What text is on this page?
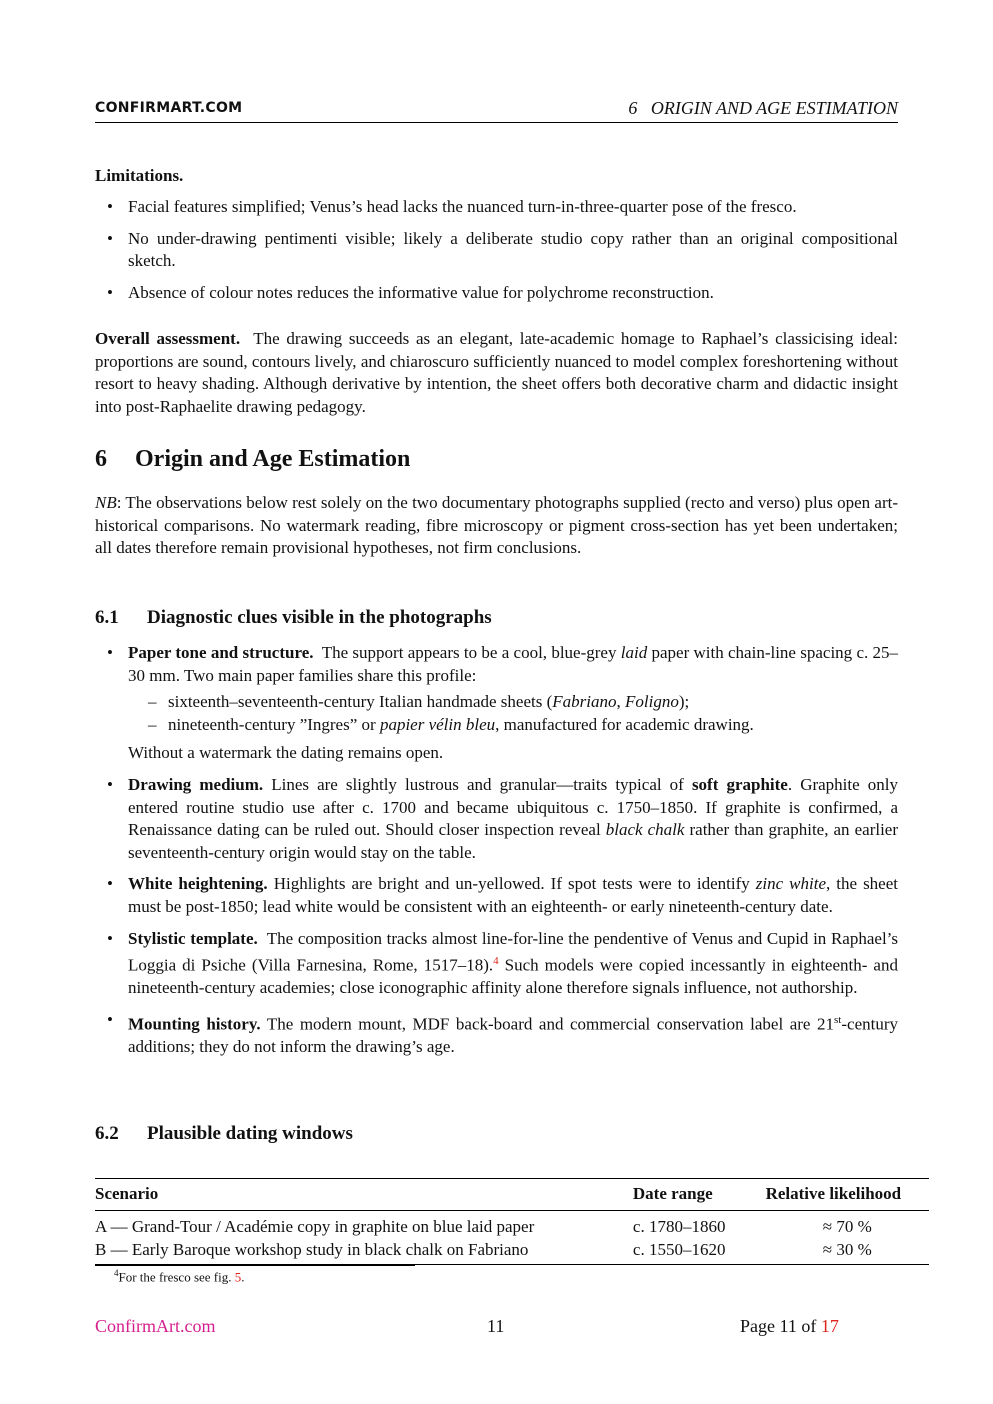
CONFIRMART.COM	6 ORIGIN AND AGE ESTIMATION
Limitations.
• Facial features simplified; Venus’s head lacks the nuanced turn-in-three-quarter pose of the fresco.
• No under-drawing pentimenti visible; likely a deliberate studio copy rather than an original compositional sketch.
• Absence of colour notes reduces the informative value for polychrome reconstruction.

Overall assessment. The drawing succeeds as an elegant, late-academic homage to Raphael’s classicising ideal: proportions are sound, contours lively, and chiaroscuro sufficiently nuanced to model complex foreshortening without resort to heavy shading. Although derivative by intention, the sheet offers both decorative charm and didactic insight into post-Raphaelite drawing pedagogy.

6 Origin and Age Estimation

NB: The observations below rest solely on the two documentary photographs supplied (recto and verso) plus open art-historical comparisons. No watermark reading, fibre microscopy or pigment cross-section has yet been undertaken; all dates therefore remain provisional hypotheses, not firm conclusions.

6.1 Diagnostic clues visible in the photographs
• Paper tone and structure. The support appears to be a cool, blue-grey laid paper with chain-line spacing c. 25–30 mm. Two main paper families share this profile:
– sixteenth–seventeenth-century Italian handmade sheets (Fabriano, Foligno);
– nineteenth-century ”Ingres” or papier vélin bleu, manufactured for academic drawing.
Without a watermark the dating remains open.
• Drawing medium. Lines are slightly lustrous and granular—traits typical of soft graphite. Graphite only entered routine studio use after c. 1700 and became ubiquitous c. 1750–1850. If graphite is confirmed, a Renaissance dating can be ruled out. Should closer inspection reveal black chalk rather than graphite, an earlier seventeenth-century origin would stay on the table.
• White heightening. Highlights are bright and un-yellowed. If spot tests were to identify zinc white, the sheet must be post-1850; lead white would be consistent with an eighteenth- or early nineteenth-century date.
• Stylistic template. The composition tracks almost line-for-line the pendentive of Venus and Cupid in Raphael’s Loggia di Psiche (Villa Farnesina, Rome, 1517–18).$^4$ Such models were copied incessantly in eighteenth- and nineteenth-century academies; close iconographic affinity alone therefore signals influence, not authorship.
• Mounting history. The modern mount, MDF back-board and commercial conservation label are 21st-century additions; they do not inform the drawing’s age.
6.2 Plausible dating windows
Scenario	Date range	Relative likelihood
A — Grand-Tour / Académie copy in graphite on blue laid paper	c. 1780–1860	≈ 70 %
B — Early Baroque workshop study in black chalk on Fabriano	c. 1550–1620	≈ 30 %
$^4$For the fresco see fig. 5.
ConfirmArt.com	11	Page 11 of 17
